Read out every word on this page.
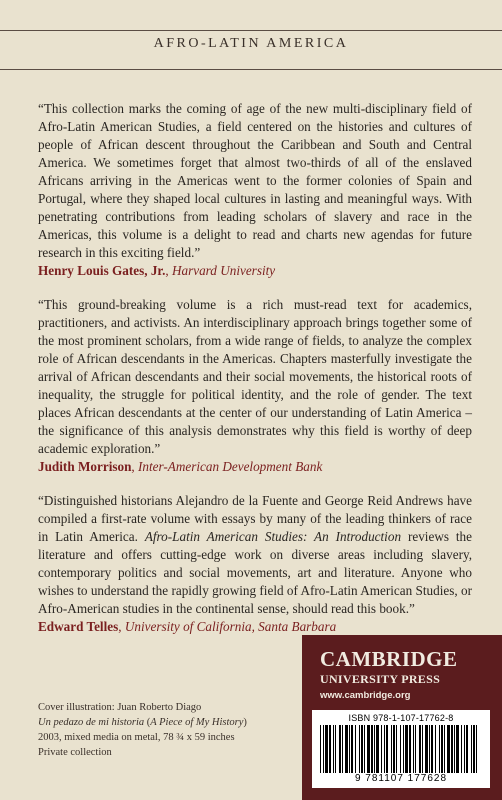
AFRO-LATIN AMERICA

“This collection marks the coming of age of the new multi-disciplinary field of Afro-Latin American Studies, a field centered on the histories and cultures of people of African descent throughout the Caribbean and South and Central America. We sometimes forget that almost two-thirds of all of the enslaved Africans arriving in the Americas went to the former colonies of Spain and Portugal, where they shaped local cultures in lasting and meaningful ways. With penetrating contributions from leading scholars of slavery and race in the Americas, this volume is a delight to read and charts new agendas for future research in this exciting field.”

Henry Louis Gates, Jr., Harvard University

“This ground-breaking volume is a rich must-read text for academics, practitioners, and activists. An interdisciplinary approach brings together some of the most prominent scholars, from a wide range of fields, to analyze the complex role of African descendants in the Americas. Chapters masterfully investigate the arrival of African descendants and their social movements, the historical roots of inequality, the struggle for political identity, and the role of gender. The text places African descendants at the center of our understanding of Latin America – the significance of this analysis demonstrates why this field is worthy of deep academic exploration.”

Judith Morrison, Inter-American Development Bank

“Distinguished historians Alejandro de la Fuente and George Reid Andrews have compiled a first-rate volume with essays by many of the leading thinkers of race in Latin America. Afro-Latin American Studies: An Introduction reviews the literature and offers cutting-edge work on diverse areas including slavery, contemporary politics and social movements, art and literature. Anyone who wishes to understand the rapidly growing field of Afro-Latin American Studies, or Afro-American studies in the continental sense, should read this book.”

Edward Telles, University of California, Santa Barbara

Cover illustration: Juan Roberto Diago
Un pedazo de mi historia (A Piece of My History)
2003, mixed media on metal, 78 ¾ x 59 inches
Private collection
CAMBRIDGE
UNIVERSITY PRESS
www.cambridge.org
ISBN 978-1-107-17762-8
9 781107 177628
